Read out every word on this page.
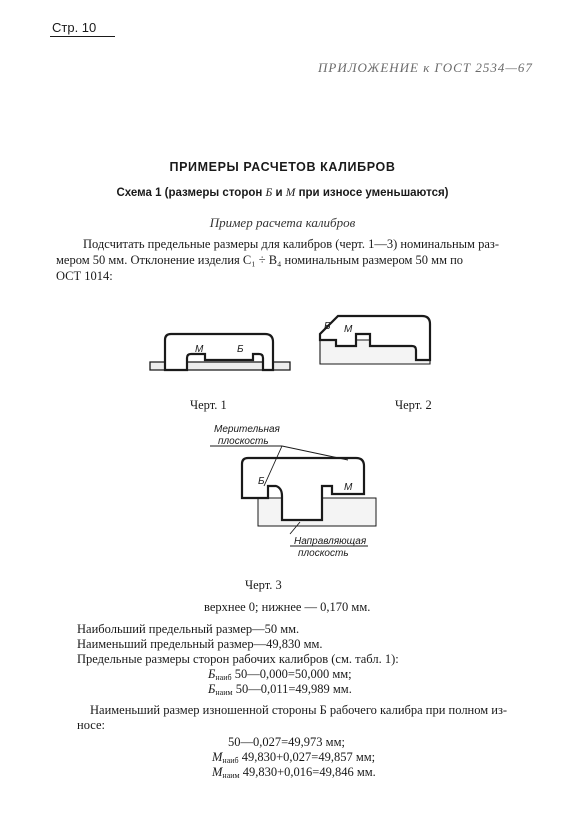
Стр. 10
ПРИЛОЖЕНИЕ к ГОСТ 2534—67
ПРИМЕРЫ РАСЧЕТОВ КАЛИБРОВ
Схема 1 (размеры сторон Б и М при износе уменьшаются)
Пример расчета калибров
Подсчитать предельные размеры для калибров (черт. 1—3) номинальным раз-
мером 50 мм. Отклонение изделия C₁ ÷ B₄ номинальным размером 50 мм по
ОСТ 1014:
М	Б
Черт. 1
Б М
Черт. 2
Б
М
Мерительная
плоскость
Направляющая
плоскость
Черт. 3
верхнее 0; нижнее — 0,170 мм.
Наибольший предельный размер—50 мм.
Наименьший предельный размер—49,830 мм.
Предельные размеры сторон рабочих калибров (см. табл. 1):
$Б_{наиб}$ 50—0,000=50,000 мм;
$Б_{наим}$ 50—0,011=49,989 мм.
Наименьший размер изношенной стороны Б рабочего калибра при полном из-
носе:
50—0,027=49,973 мм;
$М_{наиб}$ 49,830+0,027=49,857 мм;
$М_{наим}$ 49,830+0,016=49,846 мм.
